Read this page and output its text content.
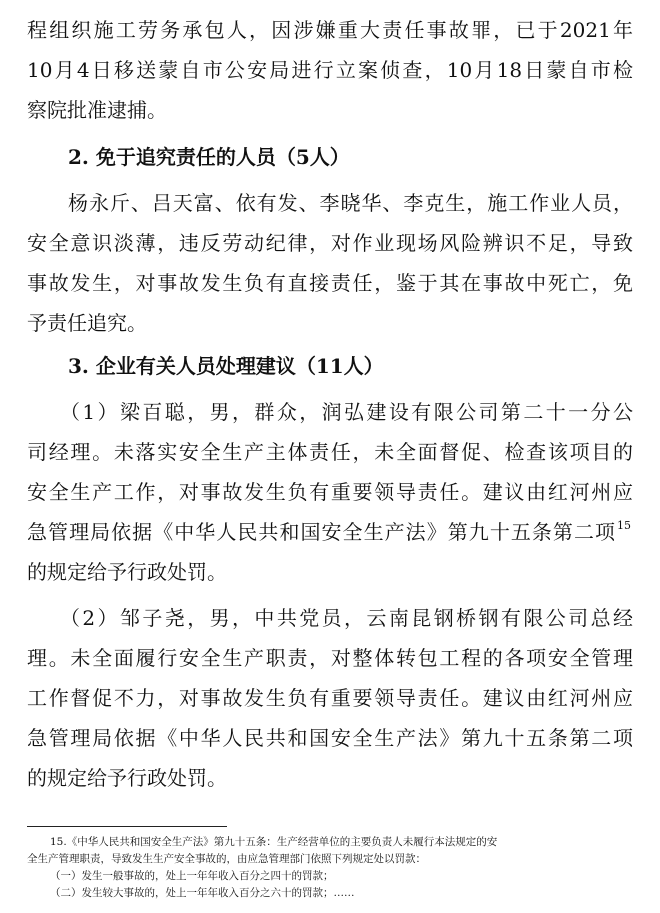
程组织施工劳务承包人，因涉嫌重大责任事故罪，已于2021年
10月4日移送蒙自市公安局进行立案侦查，10月18日蒙自市检
察院批准逮捕。
2. 免于追究责任的人员（5人）
杨永斤、吕天富、依有发、李晓华、李克生，施工作业人员，
安全意识淡薄，违反劳动纪律，对作业现场风险辨识不足，导致
事故发生，对事故发生负有直接责任，鉴于其在事故中死亡，免
予责任追究。
3. 企业有关人员处理建议（11人）
（1）梁百聪，男，群众，润弘建设有限公司第二十一分公
司经理。未落实安全生产主体责任，未全面督促、检查该项目的
安全生产工作，对事故发生负有重要领导责任。建议由红河州应
急管理局依据《中华人民共和国安全生产法》第九十五条第二项 15
的规定给予行政处罚。
（2）邹子尧，男，中共党员，云南昆钢桥钢有限公司总经
理。未全面履行安全生产职责，对整体转包工程的各项安全管理
工作督促不力，对事故发生负有重要领导责任。建议由红河州应
急管理局依据《中华人民共和国安全生产法》第九十五条第二项
的规定给予行政处罚。
15.《中华人民共和国安全生产法》第九十五条：生产经营单位的主要负责人未履行本法规定的安
全生产管理职责，导致发生生产安全事故的，由应急管理部门依照下列规定处以罚款：
（一）发生一般事故的，处上一年年收入百分之四十的罚款；
（二）发生较大事故的，处上一年年收入百分之六十的罚款；……
